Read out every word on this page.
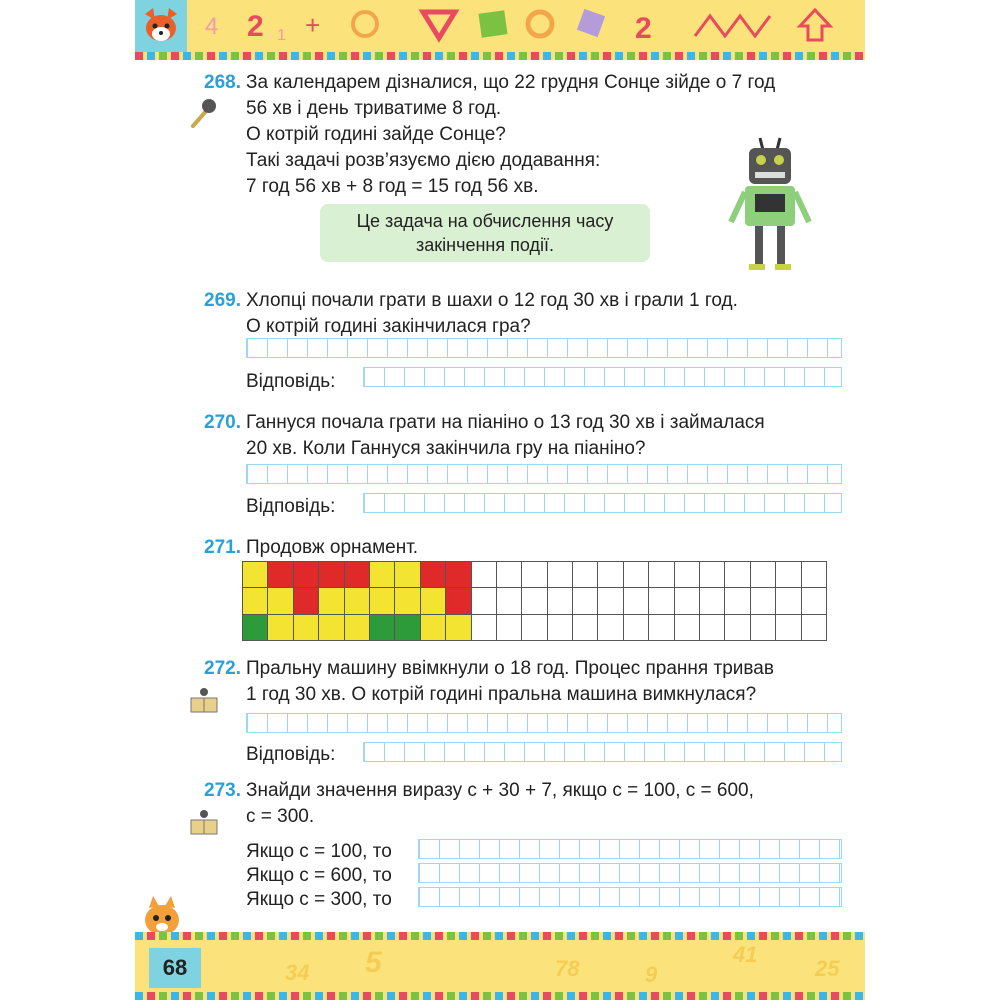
4 2 1 +	2
268. За календарем дізналися, що 22 грудня Сонце зійде о 7 год
56 хв і день триватиме 8 год.
О котрій годині зайде Сонце?
Такі задачі розв’язуємо дією додавання:
7 год 56 хв + 8 год = 15 год 56 хв.
Це задача на обчислення часу
закінчення події.
269. Хлопці почали грати в шахи о 12 год 30 хв і грали 1 год.
О котрій годині закінчилася гра?
Відповідь:
270. Ганнуся почала грати на піаніно о 13 год 30 хв і займалася
20 хв. Коли Ганнуся закінчила гру на піаніно?
Відповідь:
271. Продовж орнамент.

272. Пральну машину ввімкнули о 18 год. Процес прання тривав
1 год 30 хв. О котрій годині пральна машина вимкнулася?
Відповідь:
273. Знайди значення виразу c + 30 + 7, якщо c = 100, c = 600,
c = 300.
Якщо c = 100, то
Якщо c = 600, то
Якщо c = 300, то
68	34 5	78	9
41
25
